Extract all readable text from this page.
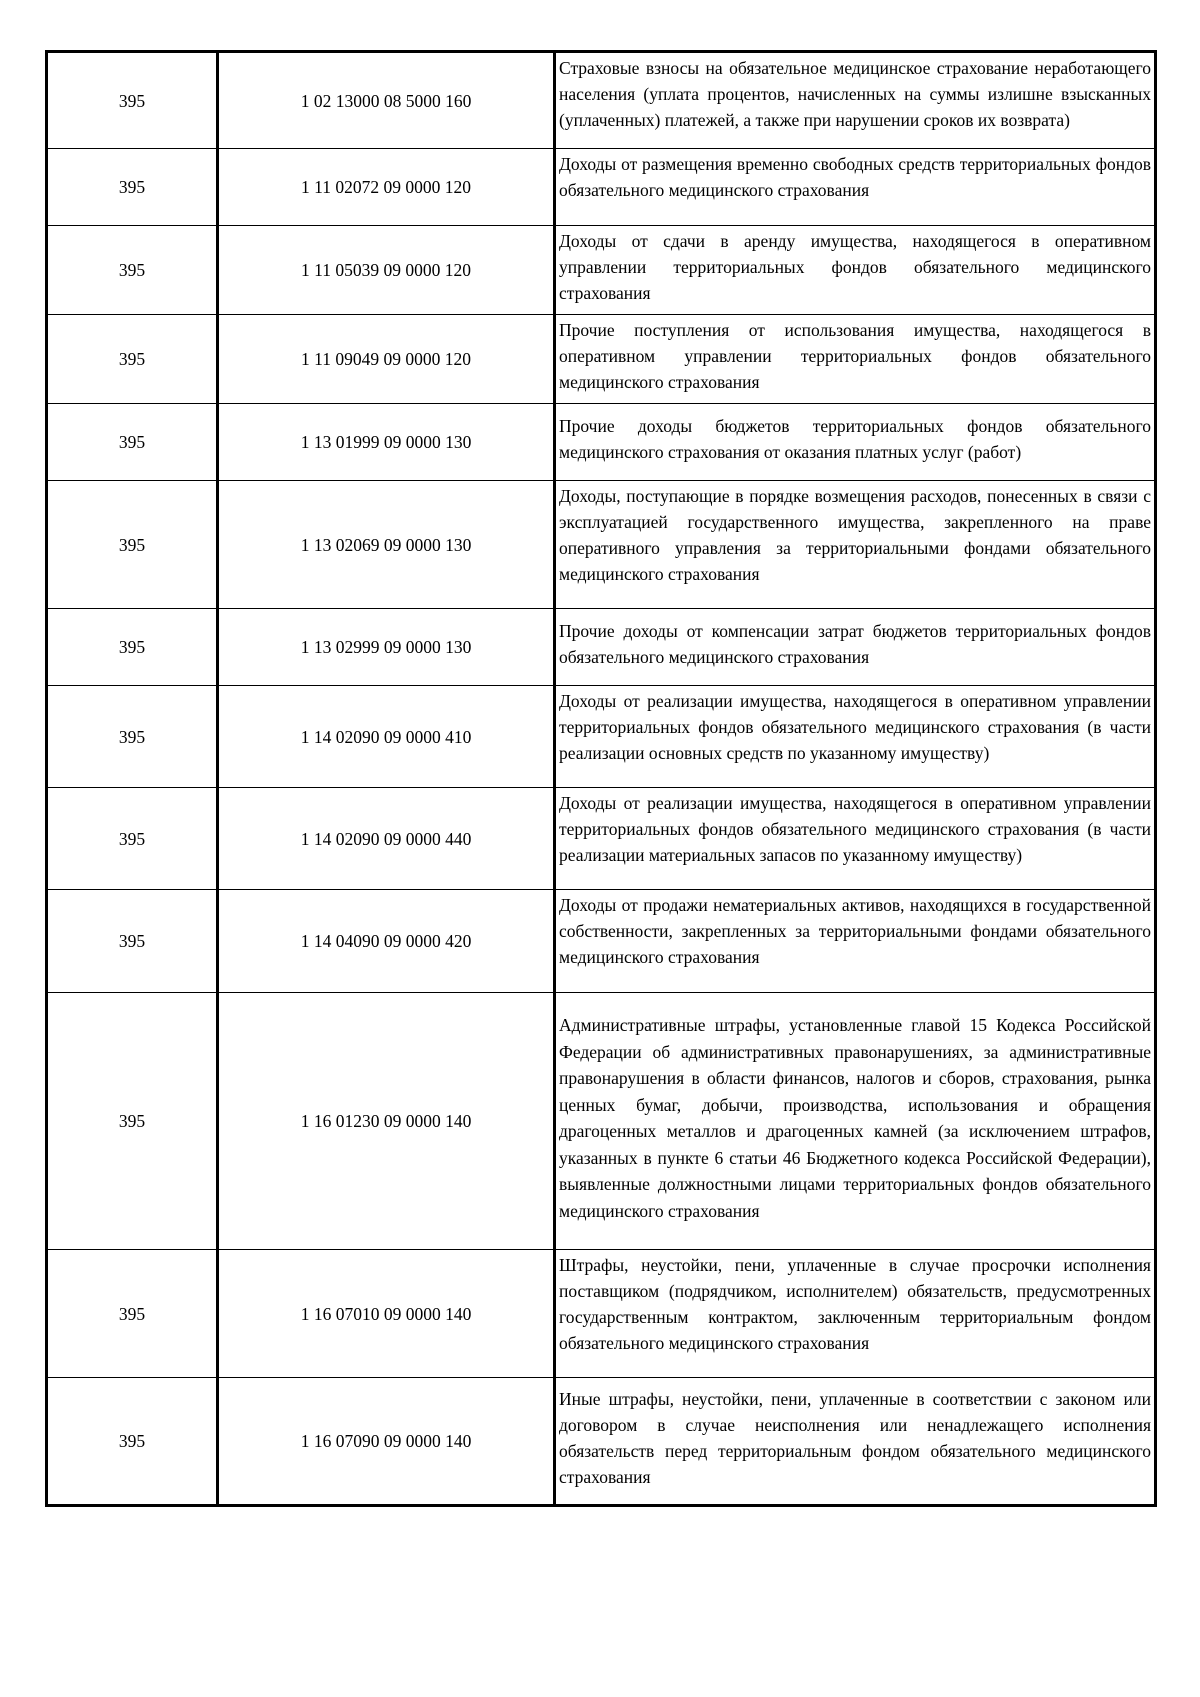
395	1 02 13000 08 5000 160	Страховые взносы на обязательное медицинское страхование неработающего населения (уплата процентов, начисленных на суммы излишне взысканных (уплаченных) платежей, а также при нарушении сроков их возврата)

395	1 11 02072 09 0000 120	Доходы от размещения временно свободных средств территориальных фондов обязательного медицинского страхования

395	1 11 05039 09 0000 120	Доходы от сдачи в аренду имущества, находящегося в оперативном управлении территориальных фондов обязательного медицинского страхования

395	1 11 09049 09 0000 120	Прочие поступления от использования имущества, находящегося в оперативном управлении территориальных фондов обязательного медицинского страхования

395	1 13 01999 09 0000 130	Прочие доходы бюджетов территориальных фондов обязательного медицинского страхования от оказания платных услуг (работ)

395	1 13 02069 09 0000 130	Доходы, поступающие в порядке возмещения расходов, понесенных в связи с эксплуатацией государственного имущества, закрепленного на праве оперативного управления за территориальными фондами обязательного медицинского страхования

395	1 13 02999 09 0000 130	Прочие доходы от компенсации затрат бюджетов территориальных фондов обязательного медицинского страхования

395	1 14 02090 09 0000 410	Доходы от реализации имущества, находящегося в оперативном управлении территориальных фондов обязательного медицинского страхования (в части реализации основных средств по указанному имуществу)

395	1 14 02090 09 0000 440	Доходы от реализации имущества, находящегося в оперативном управлении территориальных фондов обязательного медицинского страхования (в части реализации материальных запасов по указанному имуществу)

395	1 14 04090 09 0000 420	Доходы от продажи нематериальных активов, находящихся в государственной собственности, закрепленных за территориальными фондами обязательного медицинского страхования

395	1 16 01230 09 0000 140	Административные штрафы, установленные главой 15 Кодекса Российской Федерации об административных правонарушениях, за административные правонарушения в области финансов, налогов и сборов, страхования, рынка ценных бумаг, добычи, производства, использования и обращения драгоценных металлов и драгоценных камней (за исключением штрафов, указанных в пункте 6 статьи 46 Бюджетного кодекса Российской Федерации), выявленные должностными лицами территориальных фондов обязательного медицинского страхования

395	1 16 07010 09 0000 140	Штрафы, неустойки, пени, уплаченные в случае просрочки исполнения поставщиком (подрядчиком, исполнителем) обязательств, предусмотренных государственным контрактом, заключенным территориальным фондом обязательного медицинского страхования

395	1 16 07090 09 0000 140	Иные штрафы, неустойки, пени, уплаченные в соответствии с законом или договором в случае неисполнения или ненадлежащего исполнения обязательств перед территориальным фондом обязательного медицинского страхования
